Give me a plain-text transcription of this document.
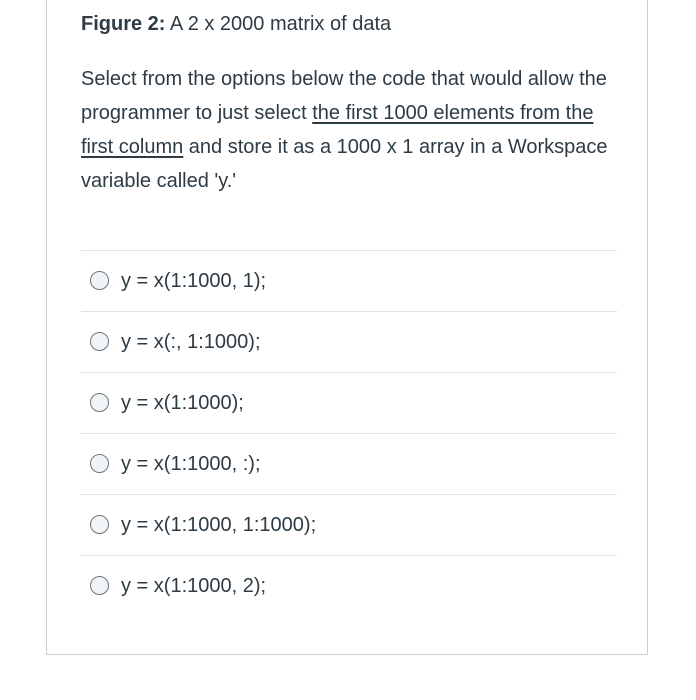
Figure 2: A 2 x 2000 matrix of data
Select from the options below the code that would allow the programmer to just select the first 1000 elements from the first column and store it as a 1000 x 1 array in a Workspace variable called 'y.'
y = x(1:1000, 1);
y = x(:, 1:1000);
y = x(1:1000);
y = x(1:1000, :);
y = x(1:1000, 1:1000);
y = x(1:1000, 2);
